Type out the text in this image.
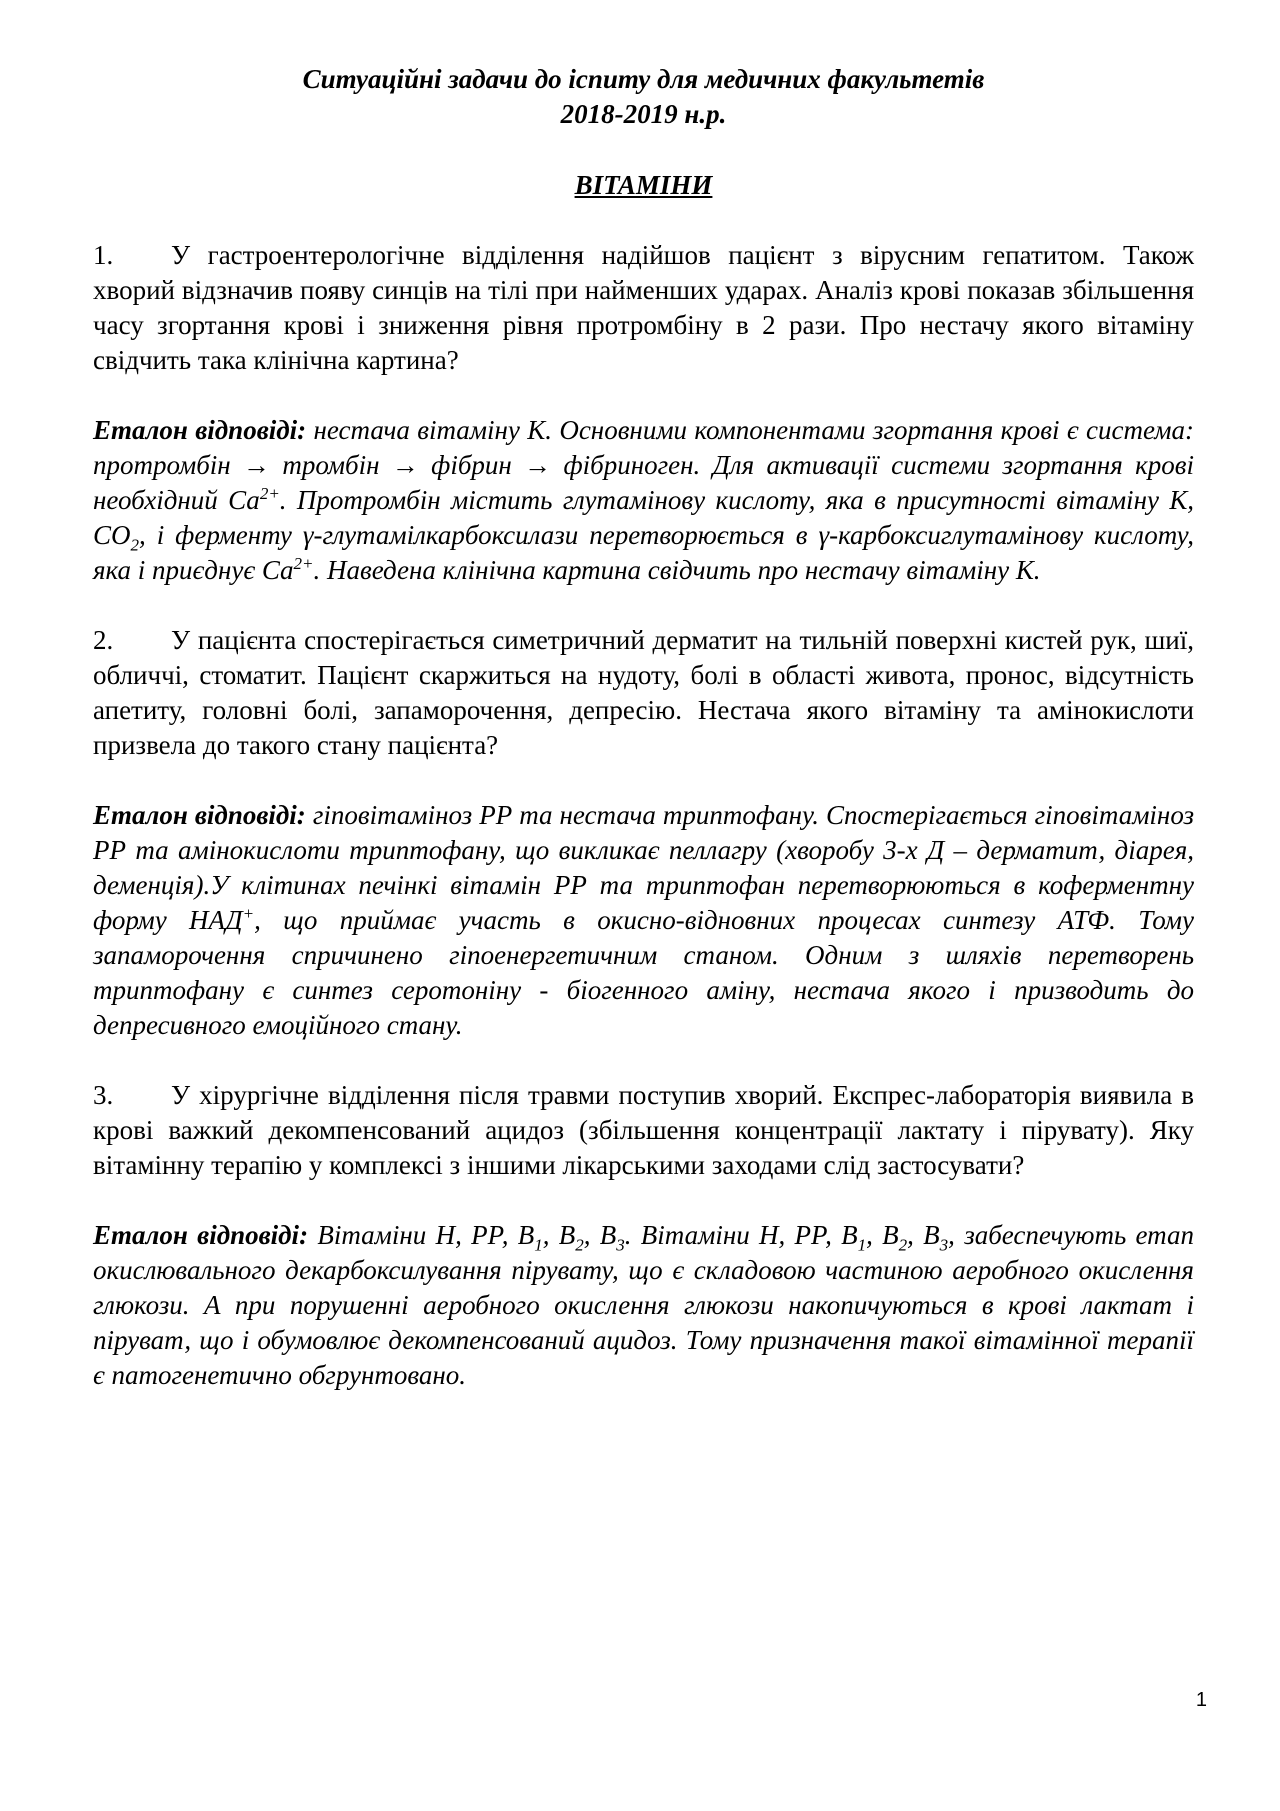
Ситуаційні задачи до іспиту для медичних факультетів
2018-2019 н.р.

ВІТАМІНИ

1. У гастроентерологічне відділення надійшов пацієнт з вірусним гепатитом. Також хворий відзначив появу синців на тілі при найменших ударах. Аналіз крові показав збільшення часу згортання крові і зниження рівня протромбіну в 2 рази. Про нестачу якого вітаміну свідчить така клінічна картина?

Еталон відповіді: нестача вітаміну К. Основними компонентами згортання крові є система: протромбін → тромбін → фібрин → фібриноген. Для активації системи згортання крові необхідний $Са^{2+}$. Протромбін містить глутамінову кислоту, яка в присутності вітаміну К, $СО_2$, і ферменту γ-глутамілкарбоксилази перетворюється в γ-карбоксиглутамінову кислоту, яка і приєднує $Са^{2+}$. Наведена клінічна картина свідчить про нестачу вітаміну К.

2. У пацієнта спостерігається симетричний дерматит на тильній поверхні кистей рук, шиї, обличчі, стоматит. Пацієнт скаржиться на нудоту, болі в області живота, пронос, відсутність апетиту, головні болі, запаморочення, депресію. Нестача якого вітаміну та амінокислоти призвела до такого стану пацієнта?

Еталон відповіді: гіповітаміноз РР та нестача триптофану. Спостерігається гіповітаміноз РР та амінокислоти триптофану, що викликає пеллагру (хворобу 3-х Д – дерматит, діарея, деменція).У клітинах печінкі вітамін РР та триптофан перетворюються в коферментну форму НАД+, що приймає участь в окисно-відновних процесах синтезу АТФ. Тому запаморочення спричинено гіпоенергетичним станом. Одним з шляхів перетворень триптофану є синтез серотоніну - біогенного аміну, нестача якого і призводить до депресивного емоційного стану.

3. У хірургічне відділення після травми поступив хворий. Експрес-лабораторія виявила в крові важкий декомпенсований ацидоз (збільшення концентрації лактату і пірувату). Яку вітамінну терапію у комплексі з іншими лікарськими заходами слід застосувати?

Еталон відповіді: Вітаміни Н, РР, $В_1$, $В_2$, $В_3$. Вітаміни Н, РР, $В_1$, $В_2$, $В_3$, забеспечують етап окислювального декарбоксилування пірувату, що є складовою частиною аеробного окислення глюкози. А при порушенні аеробного окислення глюкози накопичуються в крові лактат і піруват, що і обумовлює декомпенсований ацидоз. Тому призначення такої вітамінної терапії є патогенетично обгрунтовано.

1
